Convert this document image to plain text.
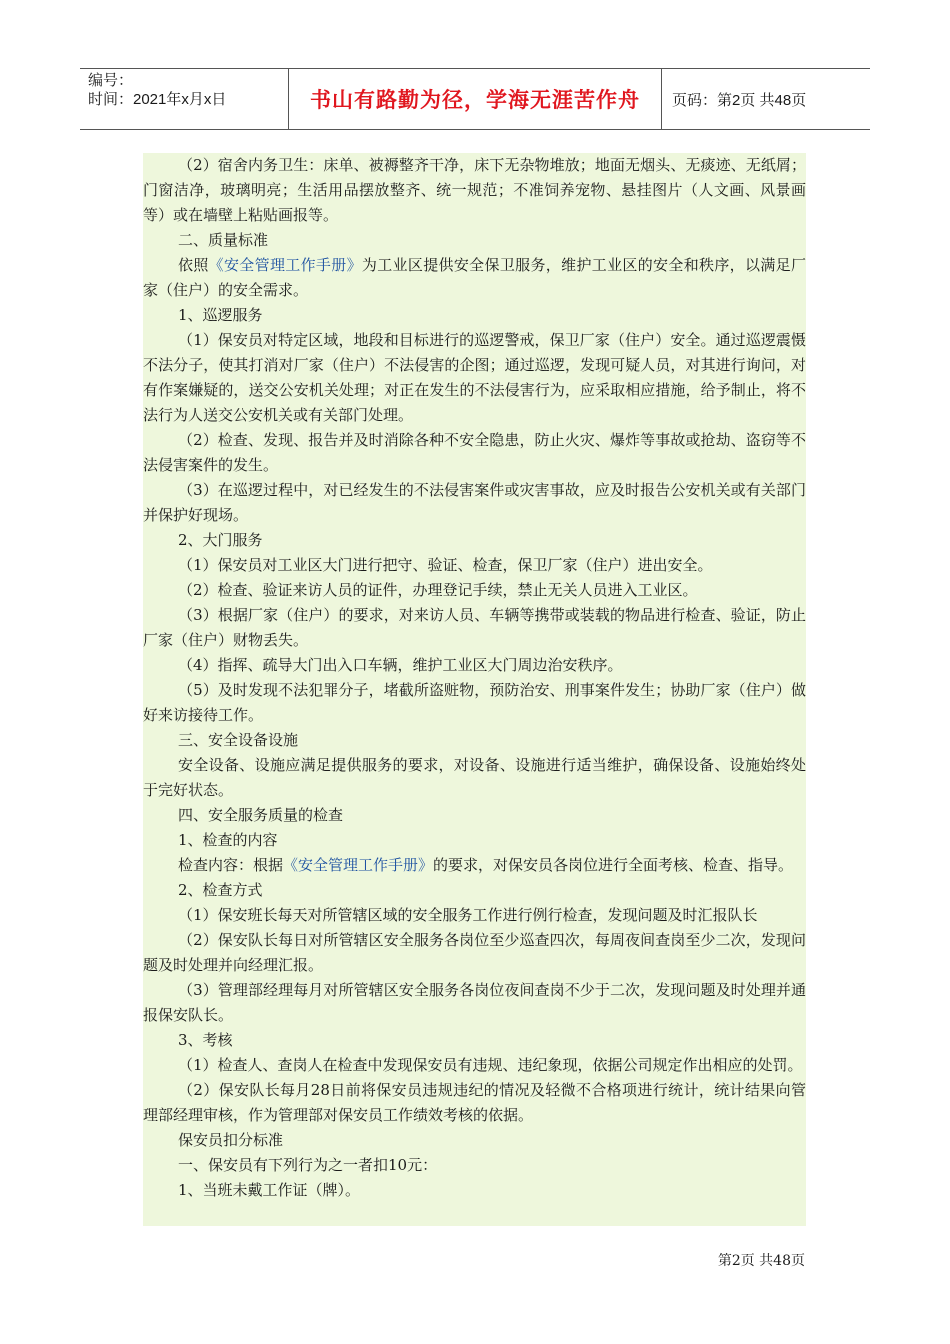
编号：
时间：2021年x月x日	书山有路勤为径，学海无涯苦作舟	页码：第2页 共48页

（2）宿舍内务卫生：床单、被褥整齐干净，床下无杂物堆放；地面无烟头、无痰迹、无纸屑；门窗洁净，玻璃明亮；生活用品摆放整齐、统一规范；不准饲养宠物、悬挂图片（人文画、风景画等）或在墙壁上粘贴画报等。

二、质量标准

依照《安全管理工作手册》为工业区提供安全保卫服务，维护工业区的安全和秩序，以满足厂家（住户）的安全需求。

1、巡逻服务

（1）保安员对特定区域，地段和目标进行的巡逻警戒，保卫厂家（住户）安全。通过巡逻震慑不法分子，使其打消对厂家（住户）不法侵害的企图；通过巡逻，发现可疑人员，对其进行询问，对有作案嫌疑的，送交公安机关处理；对正在发生的不法侵害行为，应采取相应措施，给予制止，将不法行为人送交公安机关或有关部门处理。

（2）检查、发现、报告并及时消除各种不安全隐患，防止火灾、爆炸等事故或抢劫、盗窃等不法侵害案件的发生。

（3）在巡逻过程中，对已经发生的不法侵害案件或灾害事故，应及时报告公安机关或有关部门并保护好现场。

2、大门服务

（1）保安员对工业区大门进行把守、验证、检查，保卫厂家（住户）进出安全。

（2）检查、验证来访人员的证件，办理登记手续，禁止无关人员进入工业区。

（3）根据厂家（住户）的要求，对来访人员、车辆等携带或装载的物品进行检查、验证，防止厂家（住户）财物丢失。

（4）指挥、疏导大门出入口车辆，维护工业区大门周边治安秩序。

（5）及时发现不法犯罪分子，堵截所盗赃物，预防治安、刑事案件发生；协助厂家（住户）做好来访接待工作。

三、安全设备设施

安全设备、设施应满足提供服务的要求，对设备、设施进行适当维护，确保设备、设施始终处于完好状态。

四、安全服务质量的检查

1、检查的内容

检查内容：根据《安全管理工作手册》的要求，对保安员各岗位进行全面考核、检查、指导。

2、检查方式

（1）保安班长每天对所管辖区域的安全服务工作进行例行检查，发现问题及时汇报队长

（2）保安队长每日对所管辖区安全服务各岗位至少巡查四次，每周夜间查岗至少二次，发现问题及时处理并向经理汇报。

（3）管理部经理每月对所管辖区安全服务各岗位夜间查岗不少于二次，发现问题及时处理并通报保安队长。

3、考核

（1）检查人、查岗人在检查中发现保安员有违规、违纪象现，依据公司规定作出相应的处罚。

（2）保安队长每月28日前将保安员违规违纪的情况及轻微不合格项进行统计，统计结果向管理部经理审核，作为管理部对保安员工作绩效考核的依据。

保安员扣分标准

一、保安员有下列行为之一者扣10元：

1、当班未戴工作证（牌）。

第2页 共48页
